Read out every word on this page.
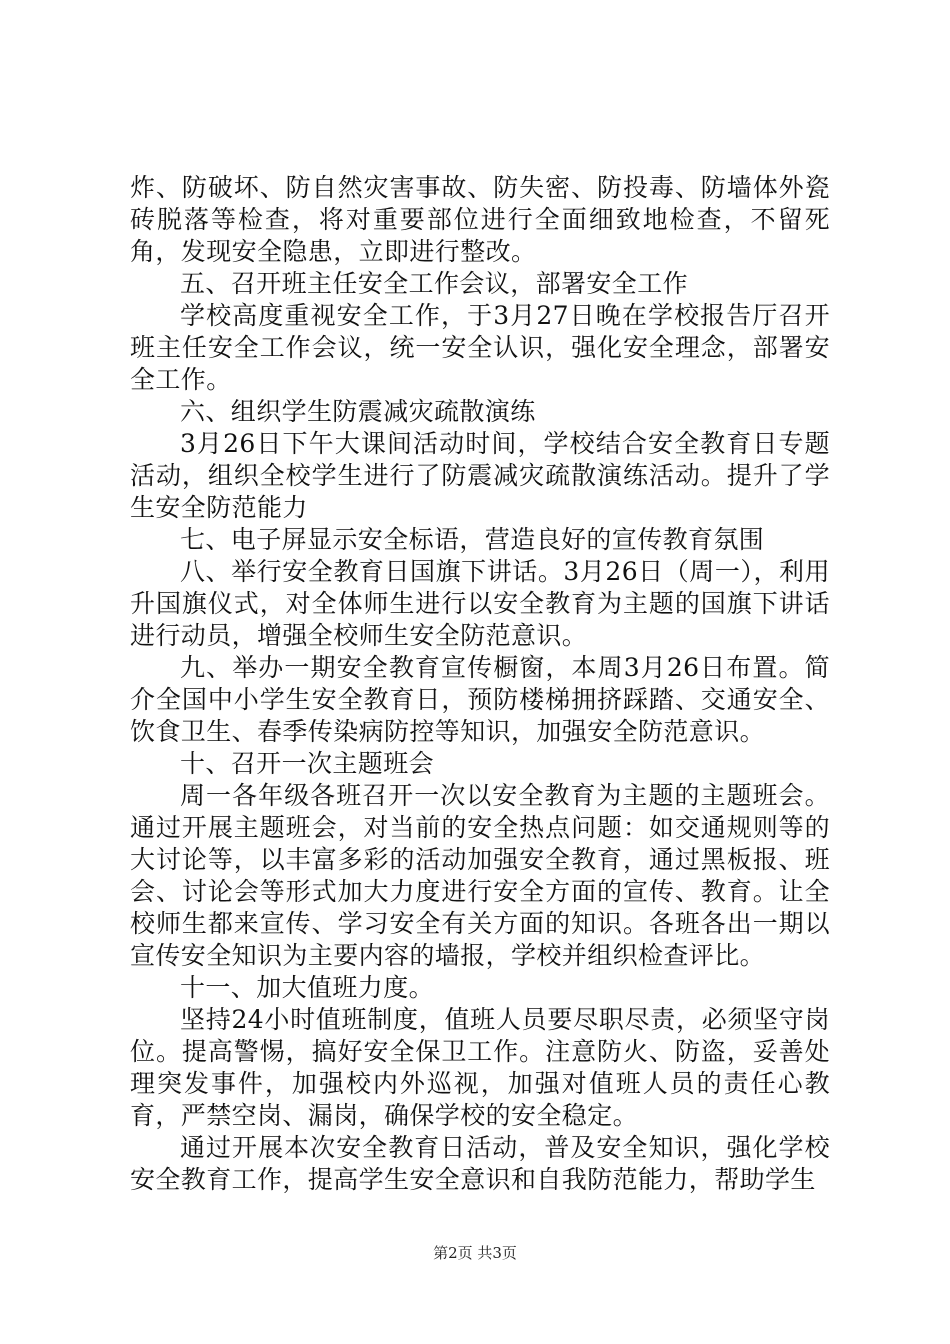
炸、防破坏、防自然灾害事故、防失密、防投毒、防墙体外瓷砖脱落等检查，将对重要部位进行全面细致地检查，不留死角，发现安全隐患，立即进行整改。

五、召开班主任安全工作会议，部署安全工作

学校高度重视安全工作，于3月27日晚在学校报告厅召开班主任安全工作会议，统一安全认识，强化安全理念，部署安全工作。

六、组织学生防震减灾疏散演练

3月26日下午大课间活动时间，学校结合安全教育日专题活动，组织全校学生进行了防震减灾疏散演练活动。提升了学生安全防范能力

七、电子屏显示安全标语，营造良好的宣传教育氛围

八、举行安全教育日国旗下讲话。3月26日（周一），利用升国旗仪式，对全体师生进行以安全教育为主题的国旗下讲话进行动员，增强全校师生安全防范意识。

九、举办一期安全教育宣传橱窗，本周3月26日布置。简介全国中小学生安全教育日，预防楼梯拥挤踩踏、交通安全、饮食卫生、春季传染病防控等知识，加强安全防范意识。

十、召开一次主题班会

周一各年级各班召开一次以安全教育为主题的主题班会。通过开展主题班会，对当前的安全热点问题：如交通规则等的大讨论等，以丰富多彩的活动加强安全教育，通过黑板报、班会、讨论会等形式加大力度进行安全方面的宣传、教育。让全校师生都来宣传、学习安全有关方面的知识。各班各出一期以宣传安全知识为主要内容的墙报，学校并组织检查评比。

十一、加大值班力度。

坚持24小时值班制度，值班人员要尽职尽责，必须坚守岗位。提高警惕，搞好安全保卫工作。注意防火、防盗，妥善处理突发事件，加强校内外巡视，加强对值班人员的责任心教育，严禁空岗、漏岗，确保学校的安全稳定。

通过开展本次安全教育日活动，普及安全知识，强化学校安全教育工作，提高学生安全意识和自我防范能力，帮助学生

第2页 共3页
